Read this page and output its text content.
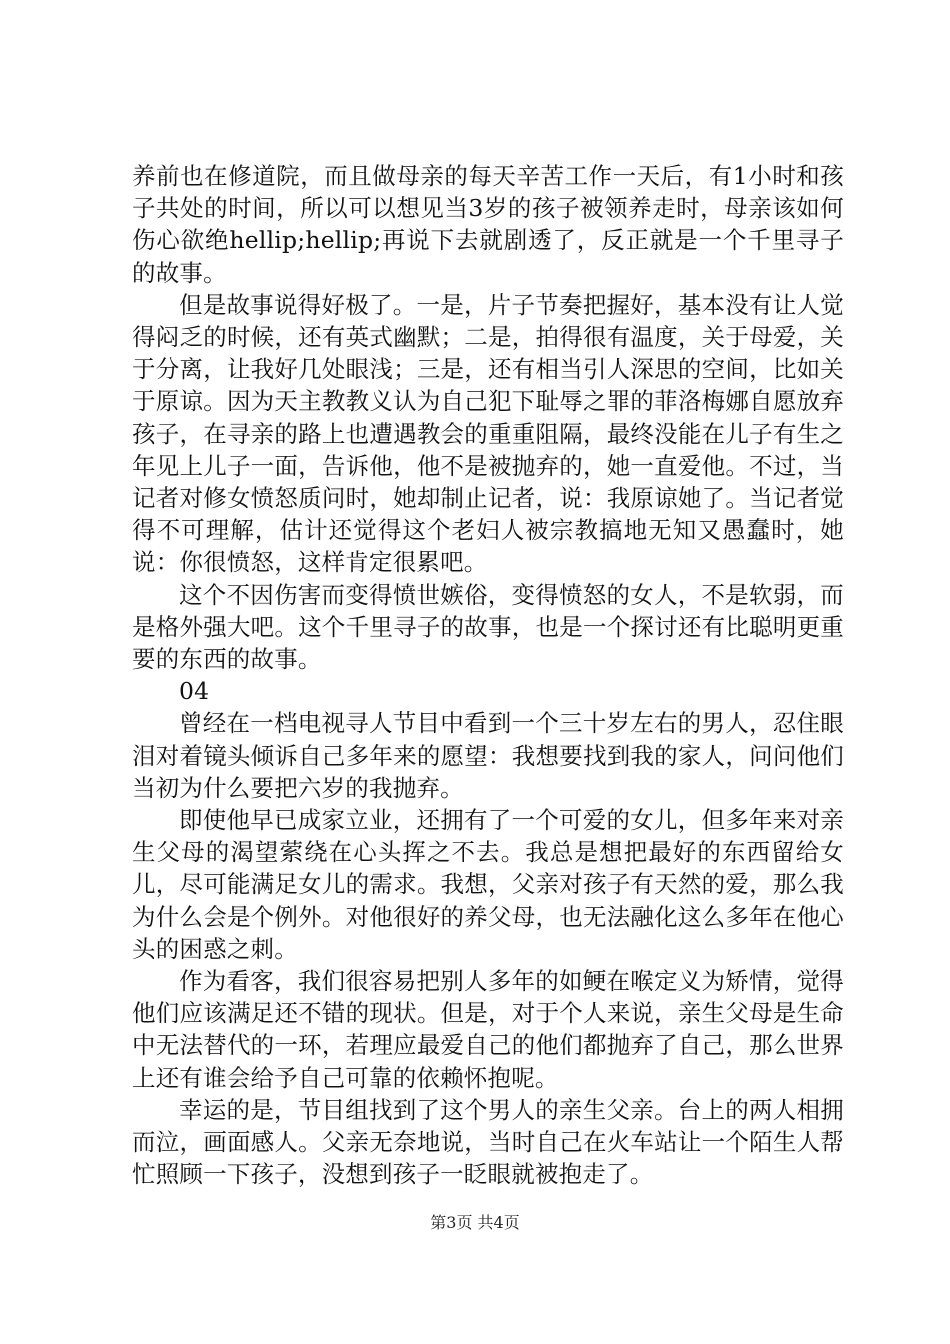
养前也在修道院，而且做母亲的每天辛苦工作一天后，有1小时和孩子共处的时间，所以可以想见当3岁的孩子被领养走时，母亲该如何伤心欲绝hellip;hellip;再说下去就剧透了，反正就是一个千里寻子的故事。

但是故事说得好极了。一是，片子节奏把握好，基本没有让人觉得闷乏的时候，还有英式幽默；二是，拍得很有温度，关于母爱，关于分离，让我好几处眼浅；三是，还有相当引人深思的空间，比如关于原谅。因为天主教教义认为自己犯下耻辱之罪的菲洛梅娜自愿放弃孩子，在寻亲的路上也遭遇教会的重重阻隔，最终没能在儿子有生之年见上儿子一面，告诉他，他不是被抛弃的，她一直爱他。不过，当记者对修女愤怒质问时，她却制止记者，说：我原谅她了。当记者觉得不可理解，估计还觉得这个老妇人被宗教搞地无知又愚蠢时，她说：你很愤怒，这样肯定很累吧。

这个不因伤害而变得愤世嫉俗，变得愤怒的女人，不是软弱，而是格外强大吧。这个千里寻子的故事，也是一个探讨还有比聪明更重要的东西的故事。

04

曾经在一档电视寻人节目中看到一个三十岁左右的男人，忍住眼泪对着镜头倾诉自己多年来的愿望：我想要找到我的家人，问问他们当初为什么要把六岁的我抛弃。

即使他早已成家立业，还拥有了一个可爱的女儿，但多年来对亲生父母的渴望萦绕在心头挥之不去。我总是想把最好的东西留给女儿，尽可能满足女儿的需求。我想，父亲对孩子有天然的爱，那么我为什么会是个例外。对他很好的养父母，也无法融化这么多年在他心头的困惑之刺。

作为看客，我们很容易把别人多年的如鲠在喉定义为矫情，觉得他们应该满足还不错的现状。但是，对于个人来说，亲生父母是生命中无法替代的一环，若理应最爱自己的他们都抛弃了自己，那么世界上还有谁会给予自己可靠的依赖怀抱呢。

幸运的是，节目组找到了这个男人的亲生父亲。台上的两人相拥而泣，画面感人。父亲无奈地说，当时自己在火车站让一个陌生人帮忙照顾一下孩子，没想到孩子一眨眼就被抱走了。

第3页 共4页
